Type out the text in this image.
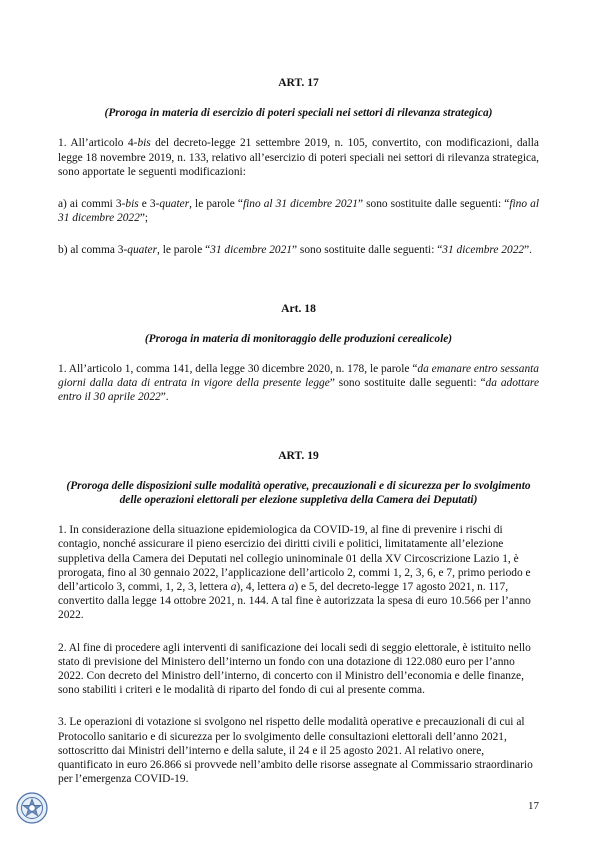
ART. 17

(Proroga in materia di esercizio di poteri speciali nei settori di rilevanza strategica)

1. All’articolo 4-bis del decreto-legge 21 settembre 2019, n. 105, convertito, con modificazioni, dalla legge 18 novembre 2019, n. 133, relativo all’esercizio di poteri speciali nei settori di rilevanza strategica, sono apportate le seguenti modificazioni:

a) ai commi 3-bis e 3-quater, le parole “fino al 31 dicembre 2021” sono sostituite dalle seguenti: “fino al 31 dicembre 2022”;

b) al comma 3-quater, le parole “31 dicembre 2021” sono sostituite dalle seguenti: “31 dicembre 2022”.

Art. 18

(Proroga in materia di monitoraggio delle produzioni cerealicole)

1. All’articolo 1, comma 141, della legge 30 dicembre 2020, n. 178, le parole “da emanare entro sessanta giorni dalla data di entrata in vigore della presente legge” sono sostituite dalle seguenti: “da adottare entro il 30 aprile 2022”.

ART. 19

(Proroga delle disposizioni sulle modalità operative, precauzionali e di sicurezza per lo svolgimento delle operazioni elettorali per elezione suppletiva della Camera dei Deputati)

1. In considerazione della situazione epidemiologica da COVID-19, al fine di prevenire i rischi di contagio, nonché assicurare il pieno esercizio dei diritti civili e politici, limitatamente all’elezione suppletiva della Camera dei Deputati nel collegio uninominale 01 della XV Circoscrizione Lazio 1, è prorogata, fino al 30 gennaio 2022, l’applicazione dell’articolo 2, commi 1, 2, 3, 6, e 7, primo periodo e dell’articolo 3, commi, 1, 2, 3, lettera a), 4, lettera a) e 5, del decreto-legge 17 agosto 2021, n. 117, convertito dalla legge 14 ottobre 2021, n. 144. A tal fine è autorizzata la spesa di euro 10.566 per l’anno 2022.

2. Al fine di procedere agli interventi di sanificazione dei locali sedi di seggio elettorale, è istituito nello stato di previsione del Ministero dell’interno un fondo con una dotazione di 122.080 euro per l’anno 2022. Con decreto del Ministro dell’interno, di concerto con il Ministro dell’economia e delle finanze, sono stabiliti i criteri e le modalità di riparto del fondo di cui al presente comma.

3. Le operazioni di votazione si svolgono nel rispetto delle modalità operative e precauzionali di cui al Protocollo sanitario e di sicurezza per lo svolgimento delle consultazioni elettorali dell’anno 2021, sottoscritto dai Ministri dell’interno e della salute, il 24 e il 25 agosto 2021. Al relativo onere, quantificato in euro 26.866 si provvede nell’ambito delle risorse assegnate al Commissario straordinario per l’emergenza COVID-19.

17
